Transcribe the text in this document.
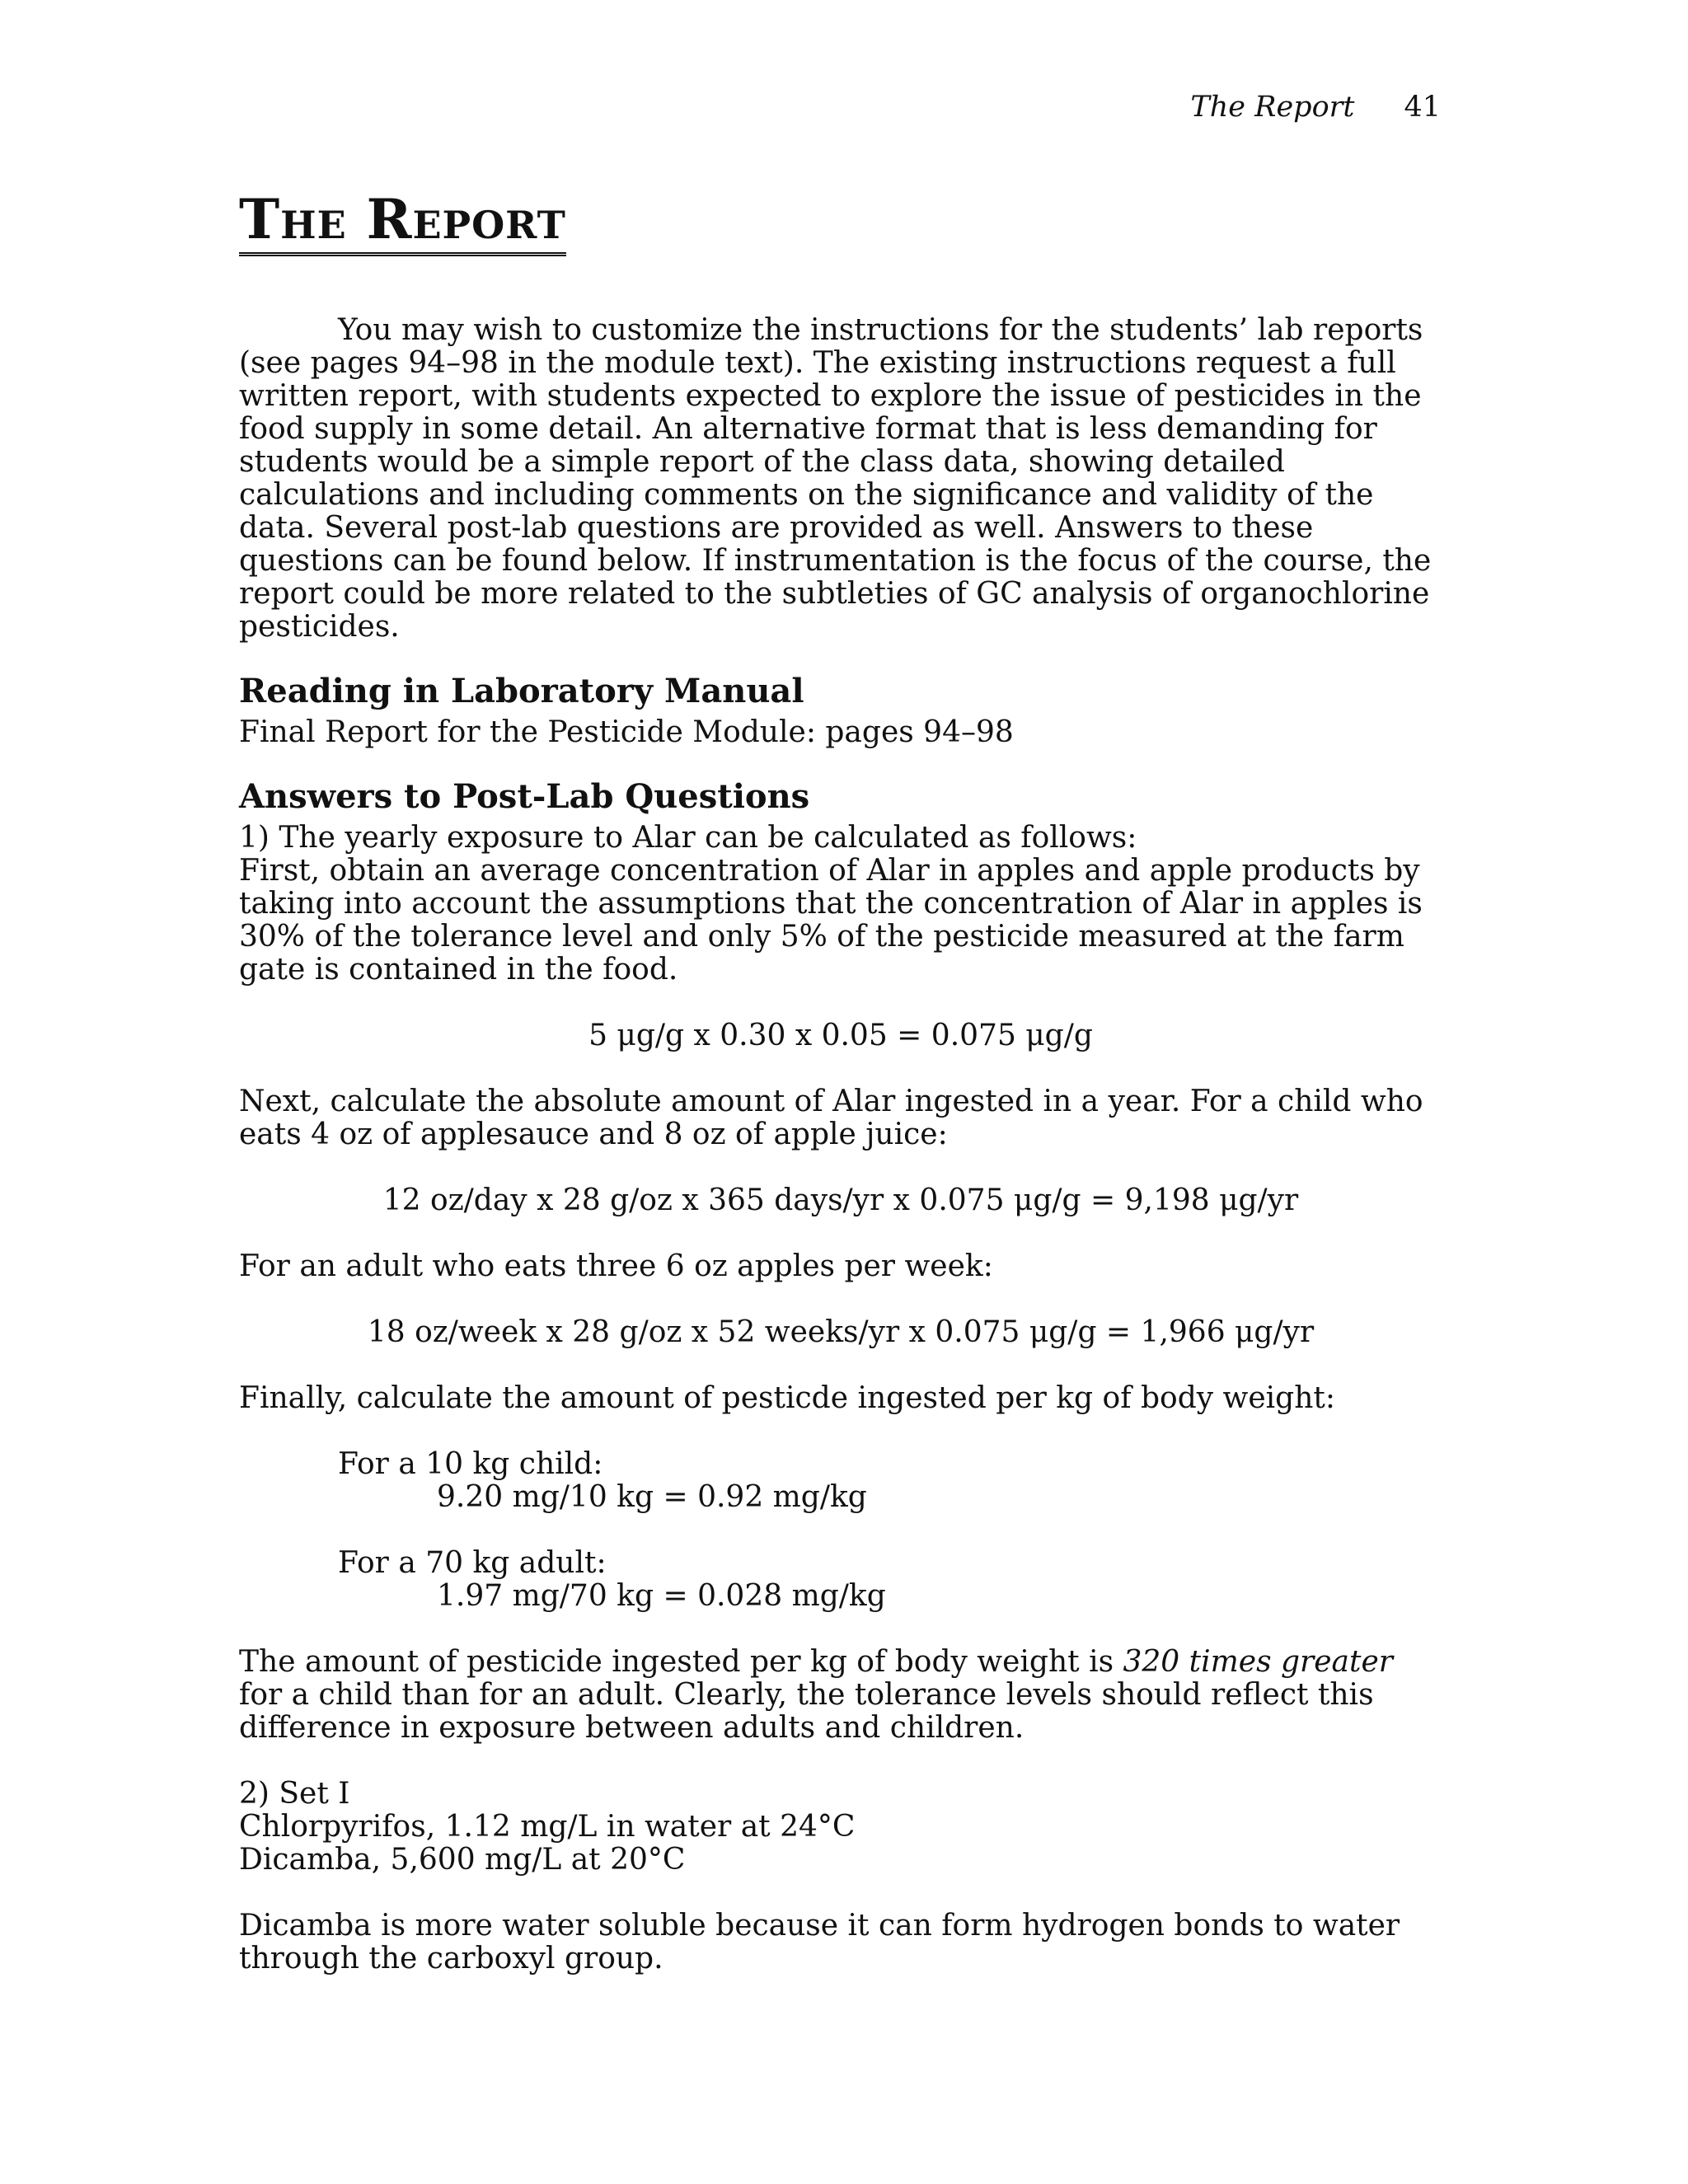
The Report 41
The Report

You may wish to customize the instructions for the students’ lab reports (see pages 94–98 in the module text). The existing instructions request a full written report, with students expected to explore the issue of pesticides in the food supply in some detail. An alternative format that is less demanding for students would be a simple report of the class data, showing detailed calculations and including comments on the significance and validity of the data. Several post-lab questions are provided as well. Answers to these questions can be found below. If instrumentation is the focus of the course, the report could be more related to the subtleties of GC analysis of organochlorine pesticides.

Reading in Laboratory Manual

Final Report for the Pesticide Module: pages 94–98

Answers to Post-Lab Questions

1) The yearly exposure to Alar can be calculated as follows:

First, obtain an average concentration of Alar in apples and apple products by taking into account the assumptions that the concentration of Alar in apples is 30% of the tolerance level and only 5% of the pesticide measured at the farm gate is contained in the food.

5 μg/g x 0.30 x 0.05 = 0.075 μg/g

Next, calculate the absolute amount of Alar ingested in a year. For a child who eats 4 oz of applesauce and 8 oz of apple juice:

12 oz/day x 28 g/oz x 365 days/yr x 0.075 μg/g = 9,198 μg/yr

For an adult who eats three 6 oz apples per week:

18 oz/week x 28 g/oz x 52 weeks/yr x 0.075 μg/g = 1,966 μg/yr

Finally, calculate the amount of pesticde ingested per kg of body weight:

For a 10 kg child:

9.20 mg/10 kg = 0.92 mg/kg

For a 70 kg adult:

1.97 mg/70 kg = 0.028 mg/kg

The amount of pesticide ingested per kg of body weight is 320 times greater for a child than for an adult. Clearly, the tolerance levels should reflect this difference in exposure between adults and children.

2) Set I

Chlorpyrifos, 1.12 mg/L in water at 24°C

Dicamba, 5,600 mg/L at 20°C

Dicamba is more water soluble because it can form hydrogen bonds to water through the carboxyl group.
